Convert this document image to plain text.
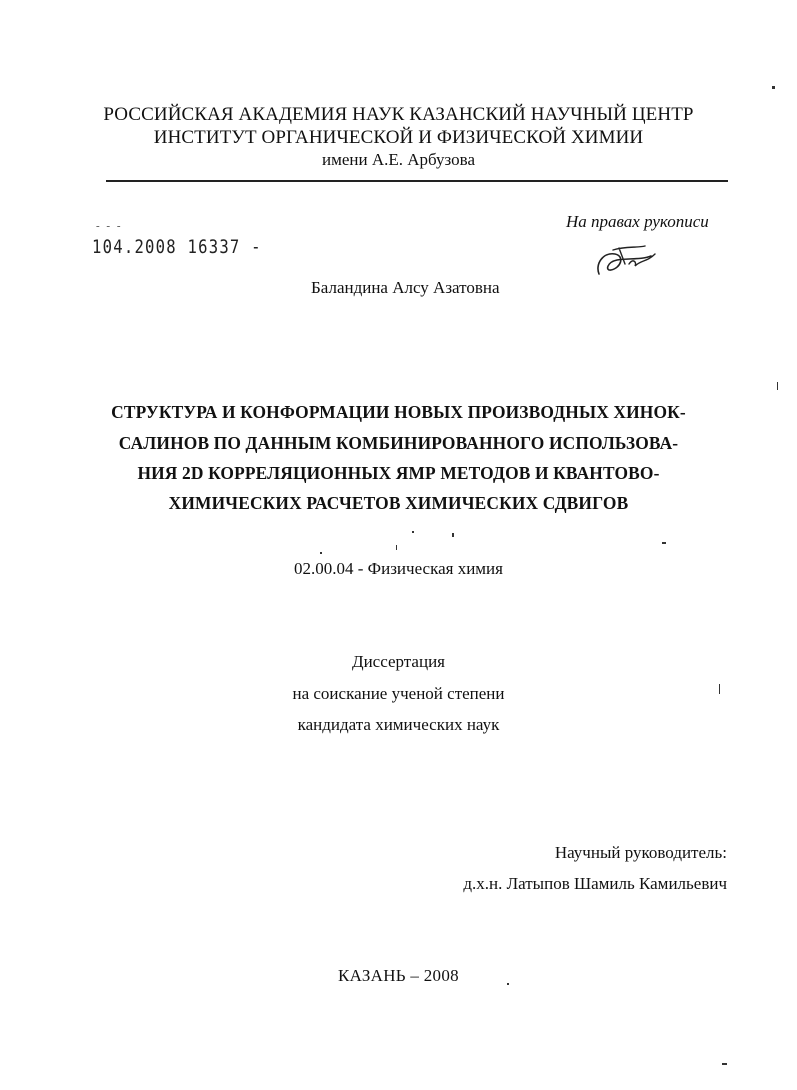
РОССИЙСКАЯ АКАДЕМИЯ НАУК КАЗАНСКИЙ НАУЧНЫЙ ЦЕНТР
ИНСТИТУТ ОРГАНИЧЕСКОЙ И ФИЗИЧЕСКОЙ ХИМИИ
имени А.Е. Арбузова
- - -
104.2008 16337 -
На правах рукописи
Баландина Алсу Азатовна
СТРУКТУРА И КОНФОРМАЦИИ НОВЫХ ПРОИЗВОДНЫХ ХИНОК-
САЛИНОВ ПО ДАННЫМ КОМБИНИРОВАННОГО ИСПОЛЬЗОВА-
НИЯ 2D КОРРЕЛЯЦИОННЫХ ЯМР МЕТОДОВ И КВАНТОВО-
ХИМИЧЕСКИХ РАСЧЕТОВ ХИМИЧЕСКИХ СДВИГОВ
02.00.04 - Физическая химия
Диссертация
на соискание ученой степени
кандидата химических наук
Научный руководитель:
д.х.н. Латыпов Шамиль Камильевич
КАЗАНЬ – 2008
